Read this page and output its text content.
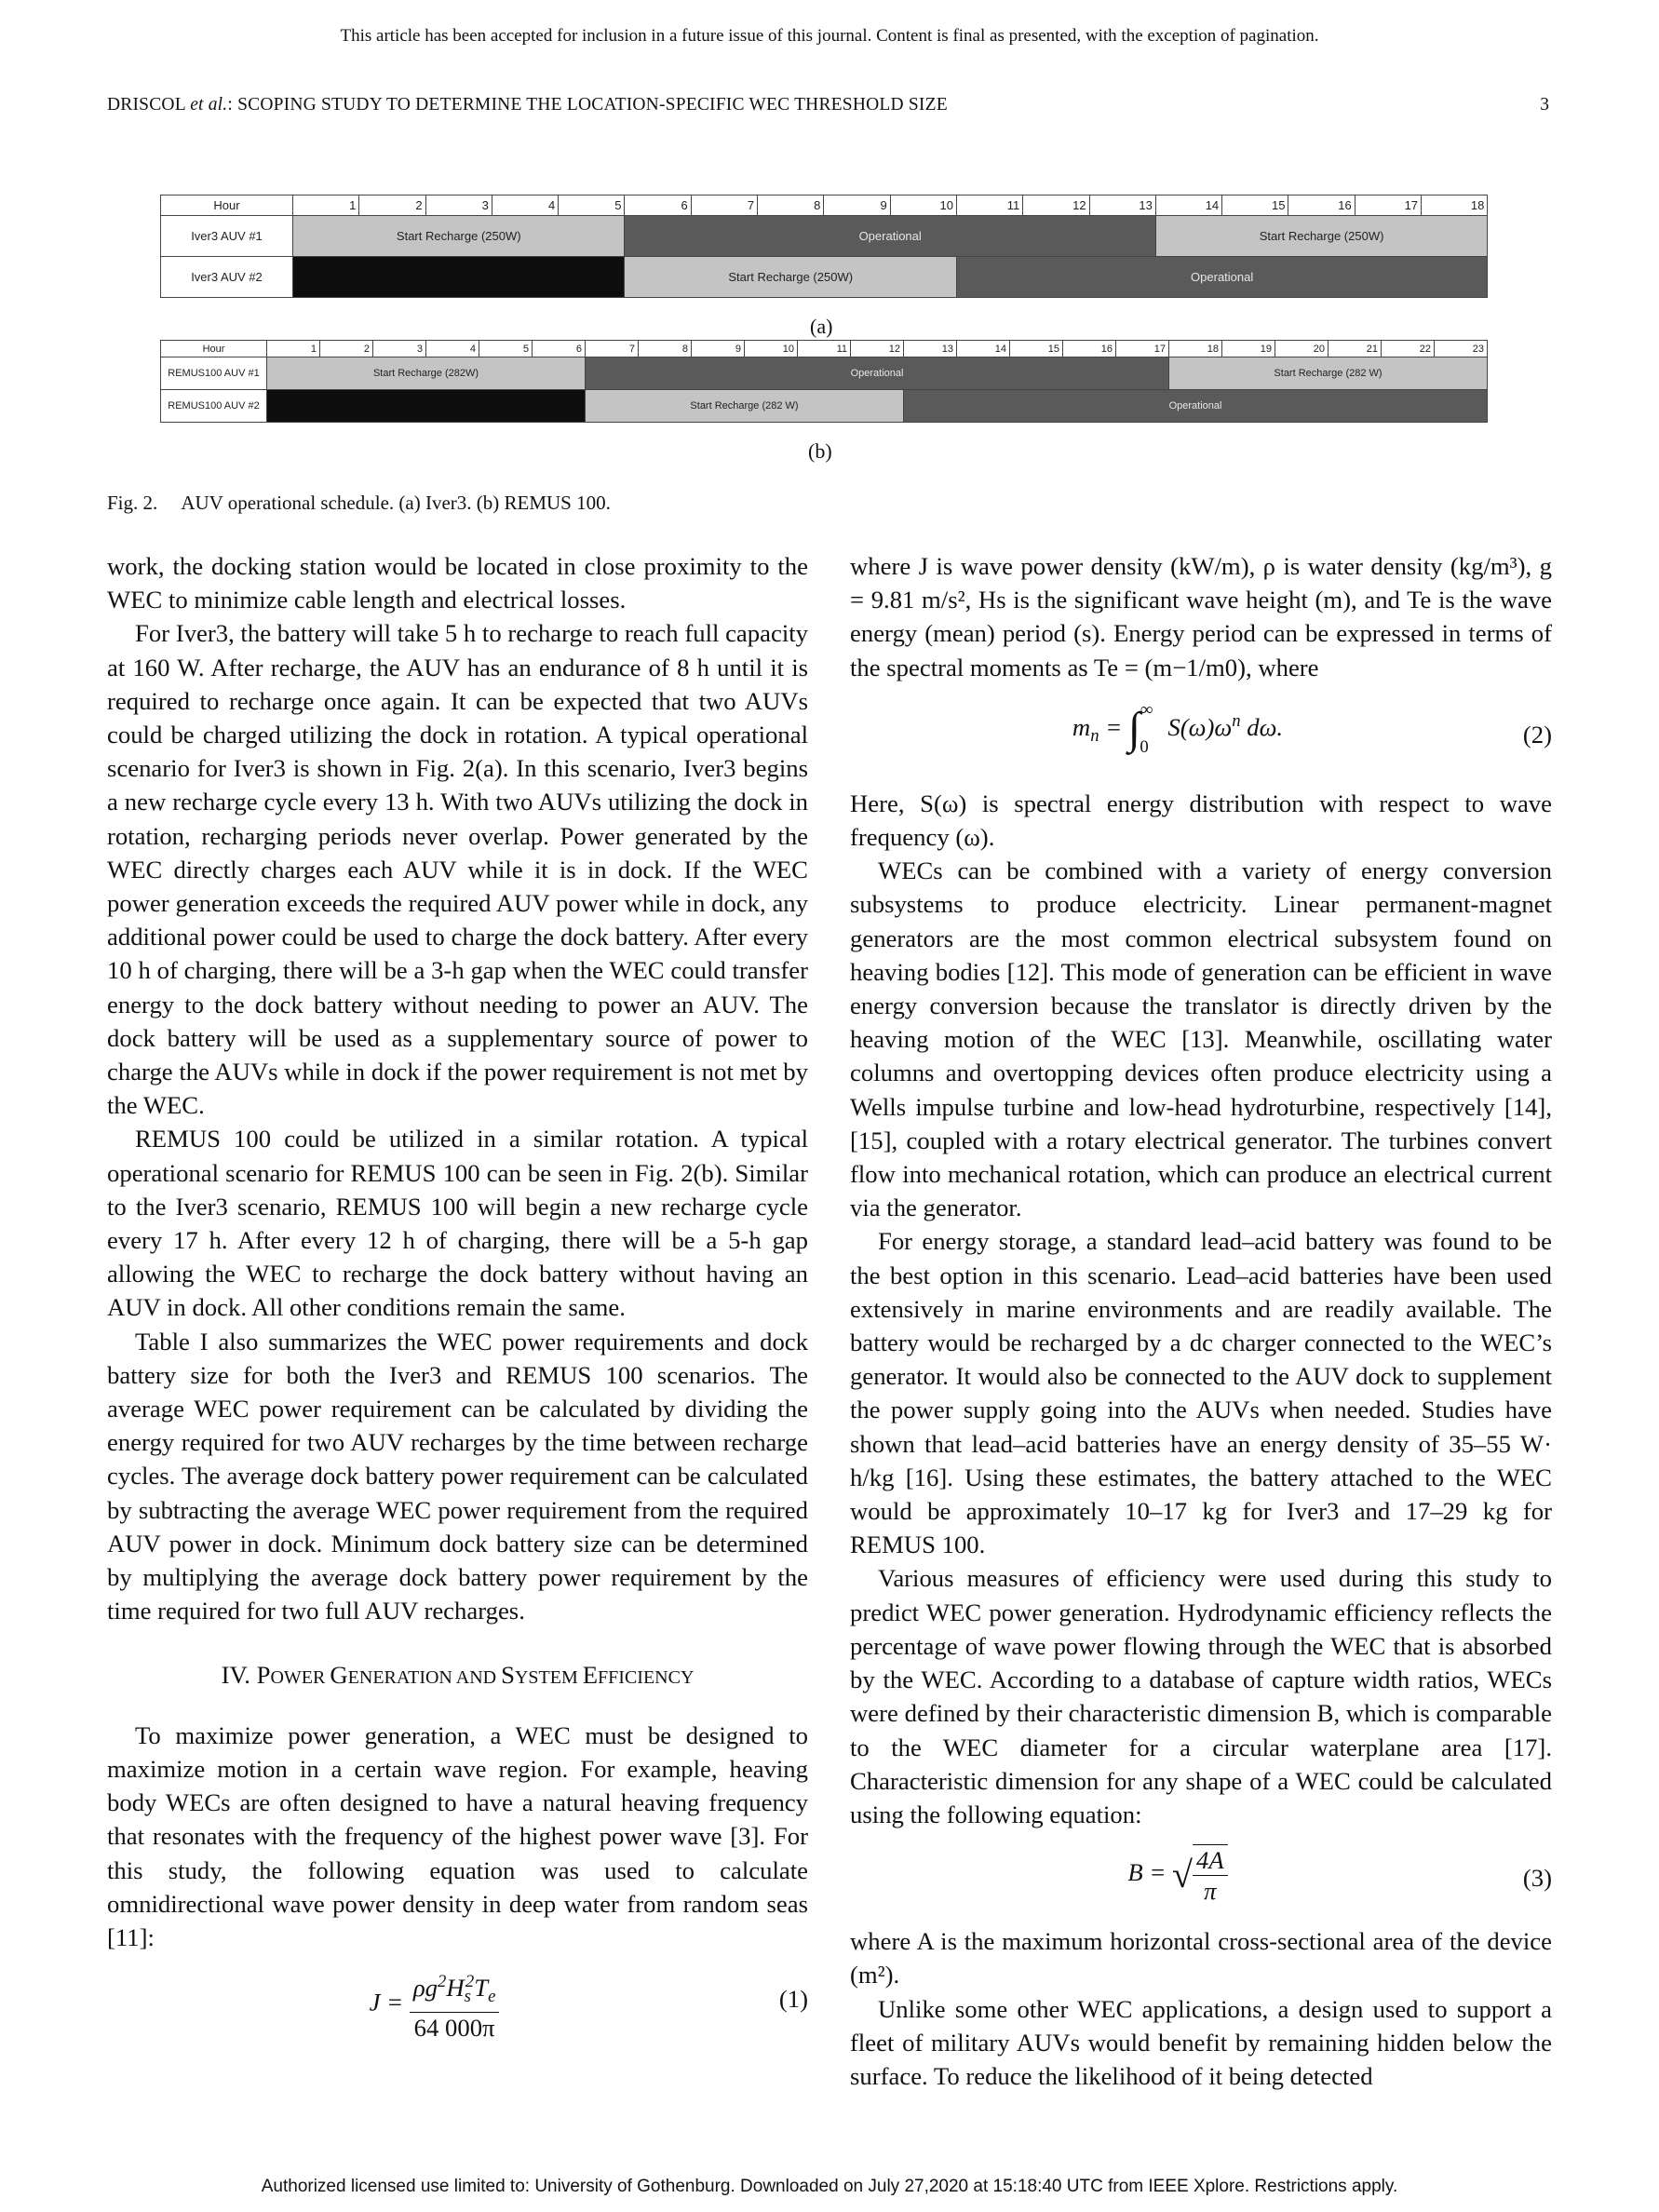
This article has been accepted for inclusion in a future issue of this journal. Content is final as presented, with the exception of pagination.
DRISCOL et al.: SCOPING STUDY TO DETERMINE THE LOCATION-SPECIFIC WEC THRESHOLD SIZE	3
Hour	1	2	3	4	5	6	7	8	9	10	11	12	13	14	15	16	17	18
Iver3 AUV #1	Start Recharge (250W)					Operational								Start Recharge (250W)				
Iver3 AUV #2						Start Recharge (250W)					Operational							
(a)
Hour	1	2	3	4	5	6	7	8	9	10	11	12	13	14	15	16	17	18	19	20	21	22	23
REMUS100 AUV #1	Start Recharge (282W)						Operational											Start Recharge (282 W)					
REMUS100 AUV #2							Start Recharge (282 W)						Operational										
(b)
Fig. 2.     AUV operational schedule. (a) Iver3. (b) REMUS 100.

work, the docking station would be located in close proximity to the WEC to minimize cable length and electrical losses.

For Iver3, the battery will take 5 h to recharge to reach full capacity at 160 W. After recharge, the AUV has an endurance of 8 h until it is required to recharge once again. It can be expected that two AUVs could be charged utilizing the dock in rotation. A typical operational scenario for Iver3 is shown in Fig. 2(a). In this scenario, Iver3 begins a new recharge cycle every 13 h. With two AUVs utilizing the dock in rotation, recharging periods never overlap. Power generated by the WEC directly charges each AUV while it is in dock. If the WEC power generation exceeds the required AUV power while in dock, any additional power could be used to charge the dock battery. After every 10 h of charging, there will be a 3-h gap when the WEC could transfer energy to the dock battery without needing to power an AUV. The dock battery will be used as a supplementary source of power to charge the AUVs while in dock if the power requirement is not met by the WEC.

REMUS 100 could be utilized in a similar rotation. A typical operational scenario for REMUS 100 can be seen in Fig. 2(b). Similar to the Iver3 scenario, REMUS 100 will begin a new recharge cycle every 17 h. After every 12 h of charging, there will be a 5-h gap allowing the WEC to recharge the dock battery without having an AUV in dock. All other conditions remain the same.

Table I also summarizes the WEC power requirements and dock battery size for both the Iver3 and REMUS 100 scenarios. The average WEC power requirement can be calculated by dividing the energy required for two AUV recharges by the time between recharge cycles. The average dock battery power requirement can be calculated by subtracting the average WEC power requirement from the required AUV power in dock. Minimum dock battery size can be determined by multiplying the average dock battery power requirement by the time required for two full AUV recharges.

IV. POWER GENERATION AND SYSTEM EFFICIENCY

To maximize power generation, a WEC must be designed to maximize motion in a certain wave region. For example, heaving body WECs are often designed to have a natural heaving frequency that resonates with the frequency of the highest power wave [3]. For this study, the following equation was used to calculate omnidirectional wave power density in deep water from random seas [11]:

$J = \frac{\rho g^2H_s^2T_e}{64 000\pi}$	(1)

where J is wave power density (kW/m), ρ is water density (kg/m³), g = 9.81 m/s², Hs is the significant wave height (m), and Te is the wave energy (mean) period (s). Energy period can be expressed in terms of the spectral moments as Te = (m−1/m0), where

$m_n = \int^\infty_0$ $S(\omega)\omega^n$ dω.	(2)

Here, S(ω) is spectral energy distribution with respect to wave frequency (ω).

WECs can be combined with a variety of energy conversion subsystems to produce electricity. Linear permanent-magnet generators are the most common electrical subsystem found on heaving bodies [12]. This mode of generation can be efficient in wave energy conversion because the translator is directly driven by the heaving motion of the WEC [13]. Meanwhile, oscillating water columns and overtopping devices often produce electricity using a Wells impulse turbine and low-head hydroturbine, respectively [14], [15], coupled with a rotary electrical generator. The turbines convert flow into mechanical rotation, which can produce an electrical current via the generator.

For energy storage, a standard lead–acid battery was found to be the best option in this scenario. Lead–acid batteries have been used extensively in marine environments and are readily available. The battery would be recharged by a dc charger connected to the WEC’s generator. It would also be connected to the AUV dock to supplement the power supply going into the AUVs when needed. Studies have shown that lead–acid batteries have an energy density of 35–55 W· h/kg [16]. Using these estimates, the battery attached to the WEC would be approximately 10–17 kg for Iver3 and 17–29 kg for REMUS 100.

Various measures of efficiency were used during this study to predict WEC power generation. Hydrodynamic efficiency reflects the percentage of wave power flowing through the WEC that is absorbed by the WEC. According to a database of capture width ratios, WECs were defined by their characteristic dimension B, which is comparable to the WEC diameter for a circular waterplane area [17]. Characteristic dimension for any shape of a WEC could be calculated using the following equation:

B = √ $\frac{4A}{\pi}$	(3)

where A is the maximum horizontal cross-sectional area of the device (m²).

Unlike some other WEC applications, a design used to support a fleet of military AUVs would benefit by remaining hidden below the surface. To reduce the likelihood of it being detected

Authorized licensed use limited to: University of Gothenburg. Downloaded on July 27,2020 at 15:18:40 UTC from IEEE Xplore. Restrictions apply.
